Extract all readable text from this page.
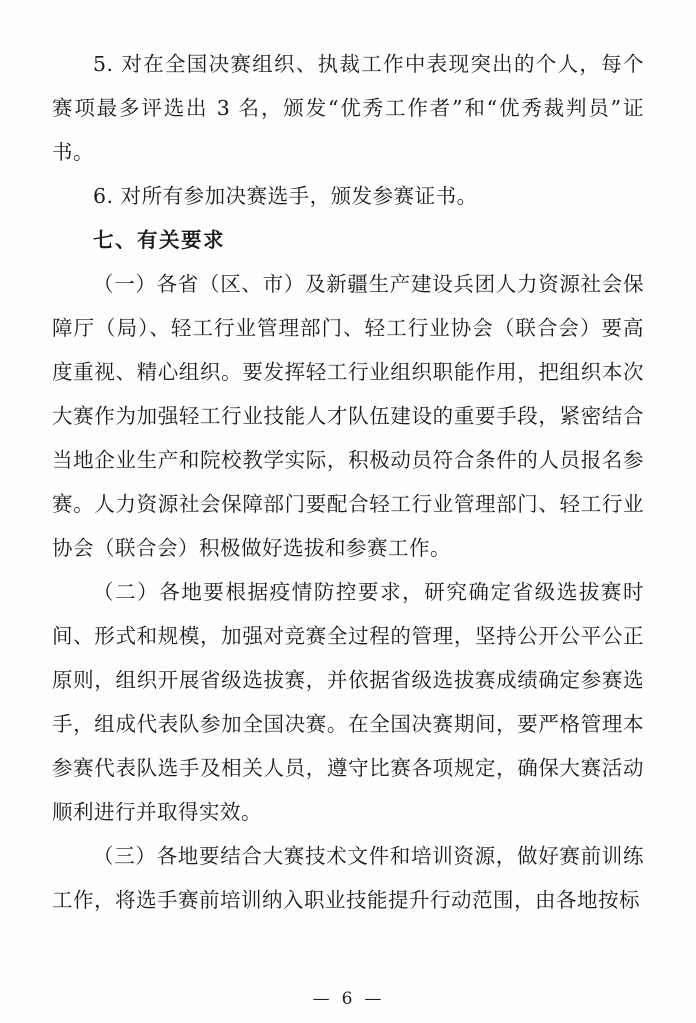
5. 对在全国决赛组织、执裁工作中表现突出的个人，每个赛项最多评选出 3 名，颁发“优秀工作者”和“优秀裁判员”证书。

6. 对所有参加决赛选手，颁发参赛证书。

七、有关要求

（一）各省（区、市）及新疆生产建设兵团人力资源社会保障厅（局）、轻工行业管理部门、轻工行业协会（联合会）要高度重视、精心组织。要发挥轻工行业组织职能作用，把组织本次大赛作为加强轻工行业技能人才队伍建设的重要手段，紧密结合当地企业生产和院校教学实际，积极动员符合条件的人员报名参赛。人力资源社会保障部门要配合轻工行业管理部门、轻工行业协会（联合会）积极做好选拔和参赛工作。

（二）各地要根据疫情防控要求，研究确定省级选拔赛时间、形式和规模，加强对竞赛全过程的管理，坚持公开公平公正原则，组织开展省级选拔赛，并依据省级选拔赛成绩确定参赛选手，组成代表队参加全国决赛。在全国决赛期间，要严格管理本参赛代表队选手及相关人员，遵守比赛各项规定，确保大赛活动顺利进行并取得实效。

（三）各地要结合大赛技术文件和培训资源，做好赛前训练工作，将选手赛前培训纳入职业技能提升行动范围，由各地按标

— 6 —
